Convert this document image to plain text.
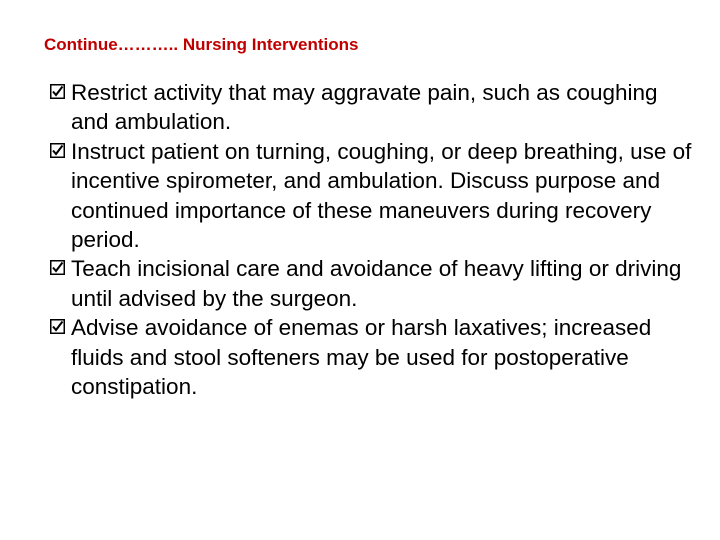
Continue……….. Nursing Interventions
Restrict activity that may aggravate pain, such as coughing and ambulation.
Instruct patient on turning, coughing, or deep breathing, use of incentive spirometer, and ambulation. Discuss purpose and continued importance of these maneuvers during recovery period.
Teach incisional care and avoidance of heavy lifting or driving until advised by the surgeon.
Advise avoidance of enemas or harsh laxatives; increased fluids and stool softeners may be used for postoperative constipation.
